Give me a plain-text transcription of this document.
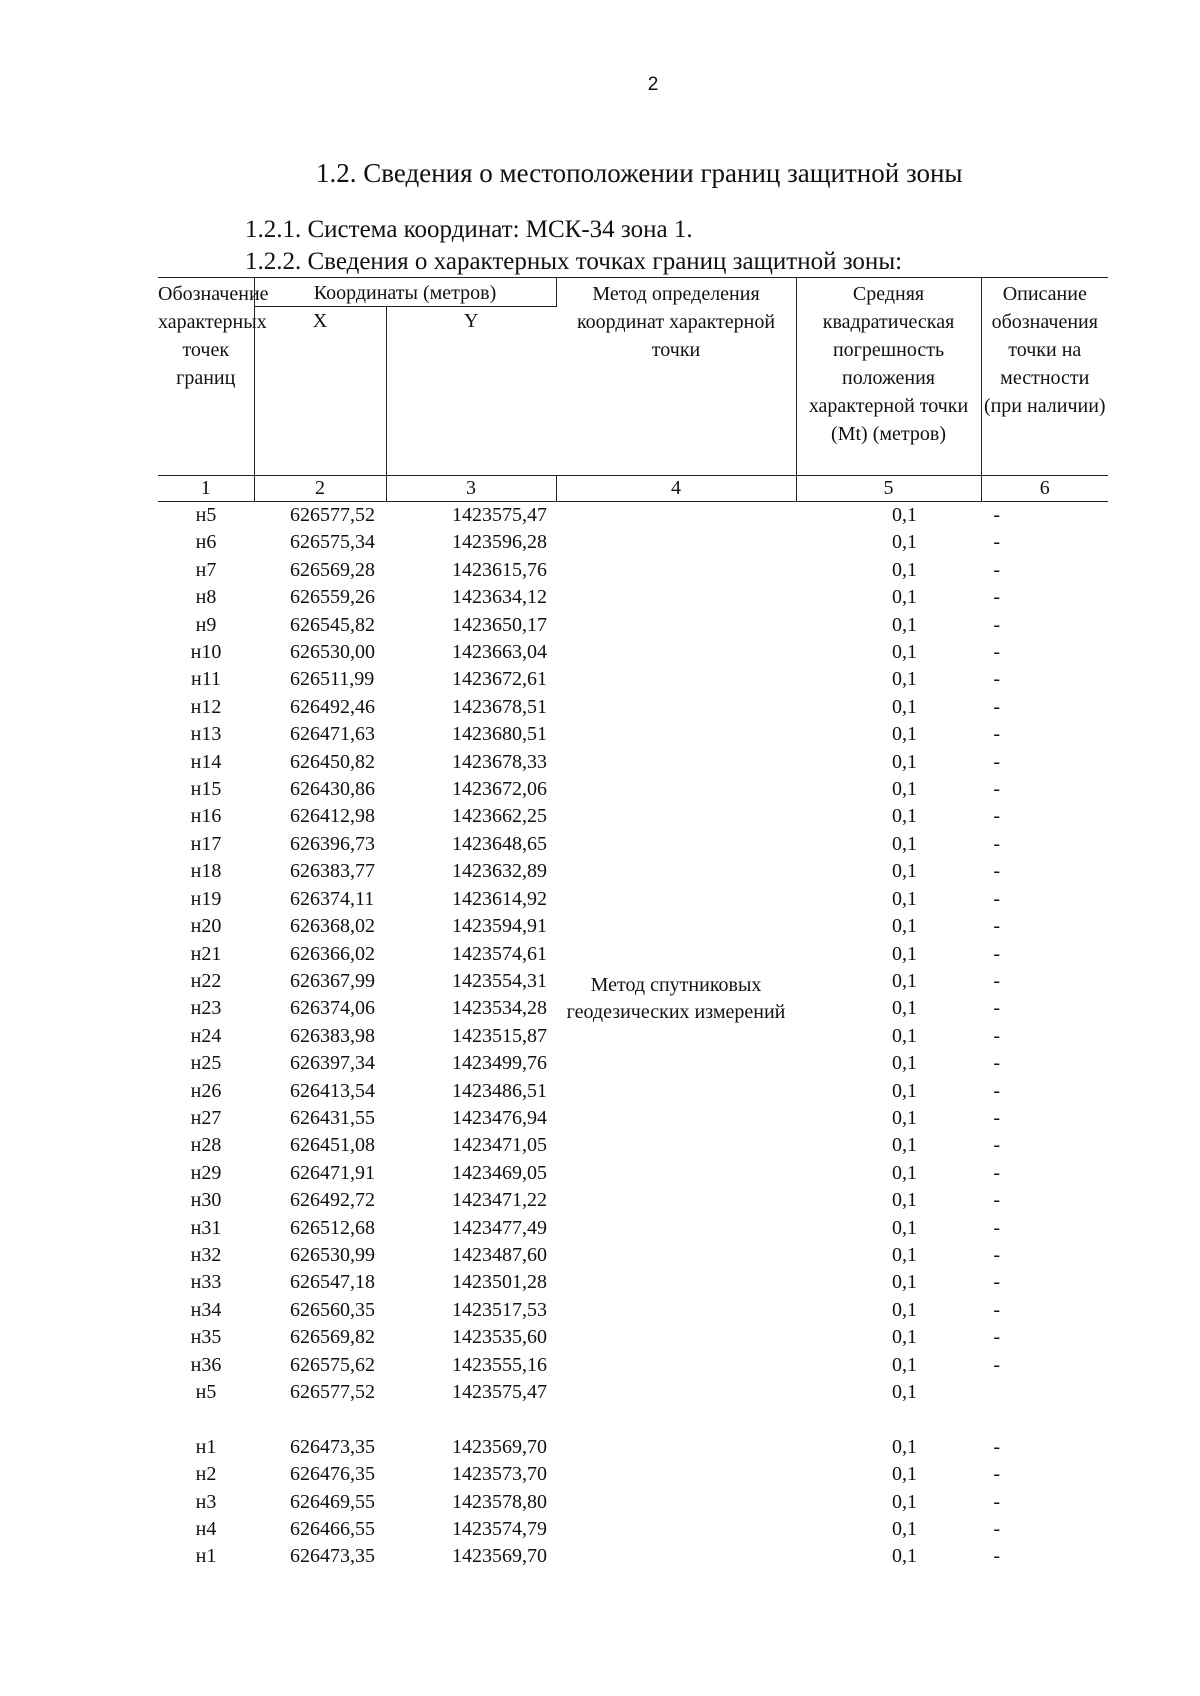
2
1.2. Сведения о местоположении границ защитной зоны
1.2.1. Система координат: МСК-34 зона 1.
1.2.2. Сведения о характерных точках границ защитной зоны:
Обозначение характерных точек границ	Координаты (метров)		Метод определения координат характерной точки	Средняя квадратическая погрешность положения характерной точки (Mt) (метров)	Описание обозначения точки на местности (при наличии)
	X	Y			
1	2	3	4	5	6
н5	626577,52	1423575,47	Метод спутниковых геодезических измерений	0,1	-
н6	626575,34	1423596,28		0,1	-
н7	626569,28	1423615,76		0,1	-
н8	626559,26	1423634,12		0,1	-
н9	626545,82	1423650,17		0,1	-
н10	626530,00	1423663,04		0,1	-
н11	626511,99	1423672,61		0,1	-
н12	626492,46	1423678,51		0,1	-
н13	626471,63	1423680,51		0,1	-
н14	626450,82	1423678,33		0,1	-
н15	626430,86	1423672,06		0,1	-
н16	626412,98	1423662,25		0,1	-
н17	626396,73	1423648,65		0,1	-
н18	626383,77	1423632,89		0,1	-
н19	626374,11	1423614,92		0,1	-
н20	626368,02	1423594,91		0,1	-
н21	626366,02	1423574,61		0,1	-
н22	626367,99	1423554,31		0,1	-
н23	626374,06	1423534,28		0,1	-
н24	626383,98	1423515,87		0,1	-
н25	626397,34	1423499,76		0,1	-
н26	626413,54	1423486,51		0,1	-
н27	626431,55	1423476,94		0,1	-
н28	626451,08	1423471,05		0,1	-
н29	626471,91	1423469,05		0,1	-
н30	626492,72	1423471,22		0,1	-
н31	626512,68	1423477,49		0,1	-
н32	626530,99	1423487,60		0,1	-
н33	626547,18	1423501,28		0,1	-
н34	626560,35	1423517,53		0,1	-
н35	626569,82	1423535,60		0,1	-
н36	626575,62	1423555,16		0,1	-
н5	626577,52	1423575,47		0,1	

н1	626473,35	1423569,70		0,1	-
н2	626476,35	1423573,70		0,1	-
н3	626469,55	1423578,80		0,1	-
н4	626466,55	1423574,79		0,1	-
н1	626473,35	1423569,70		0,1	-
